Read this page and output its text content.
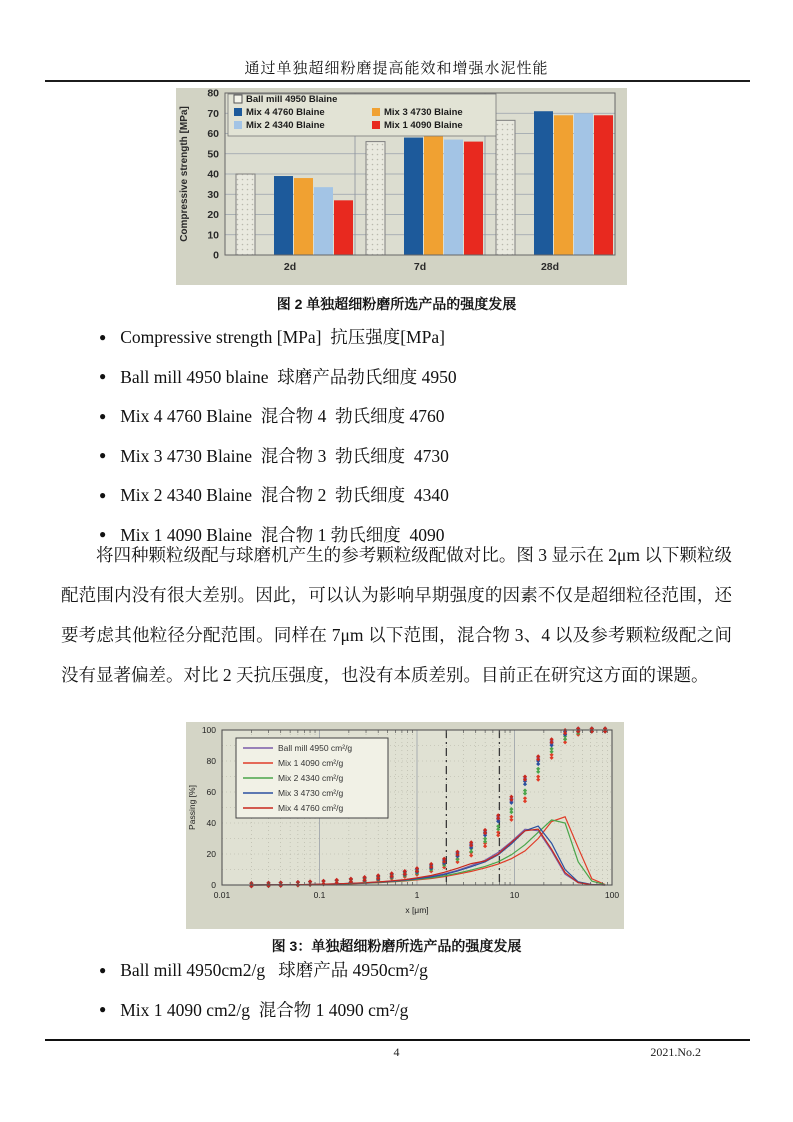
通过单独超细粉磨提高能效和增强水泥性能
2d	7d	28d
0
10
20
30
40
50
60
70
80
Compressive strength [MPa]
Ball mill 4950 Blaine
Mix 4 4760 Blaine	Mix 3 4730 Blaine
Mix 2 4340 Blaine	Mix 1 4090 Blaine
图 2 单独超细粉磨所选产品的强度发展
● Compressive strength [MPa]  抗压强度[MPa]
● Ball mill 4950 blaine  球磨产品勃氏细度 4950
● Mix 4 4760 Blaine  混合物 4  勃氏细度 4760
● Mix 3 4730 Blaine  混合物 3  勃氏细度  4730
● Mix 2 4340 Blaine  混合物 2  勃氏细度  4340
● Mix 1 4090 Blaine  混合物 1 勃氏细度  4090

将四种颗粒级配与球磨机产生的参考颗粒级配做对比。图 3 显示在 2μm 以下颗粒级配范围内没有很大差别。因此，可以认为影响早期强度的因素不仅是超细粒径范围，还要考虑其他粒径分配范围。同样在 7μm 以下范围，混合物 3、4 以及参考颗粒级配之间没有显著偏差。对比 2 天抗压强度，也没有本质差别。目前正在研究这方面的课题。

Ball mill 4950 cm²/g
Mix 1 4090 cm²/g
Mix 2 4340 cm²/g
Mix 3 4730 cm²/g
Mix 4 4760 cm²/g
0
20
40
60
80
100
0.01	0.1	1	10	100
x [μm]
Passing [%]
图 3：单独超细粉磨所选产品的强度发展
● Ball mill 4950cm2/g   球磨产品 4950cm²/g
● Mix 1 4090 cm2/g  混合物 1 4090 cm²/g
4	2021.No.2
